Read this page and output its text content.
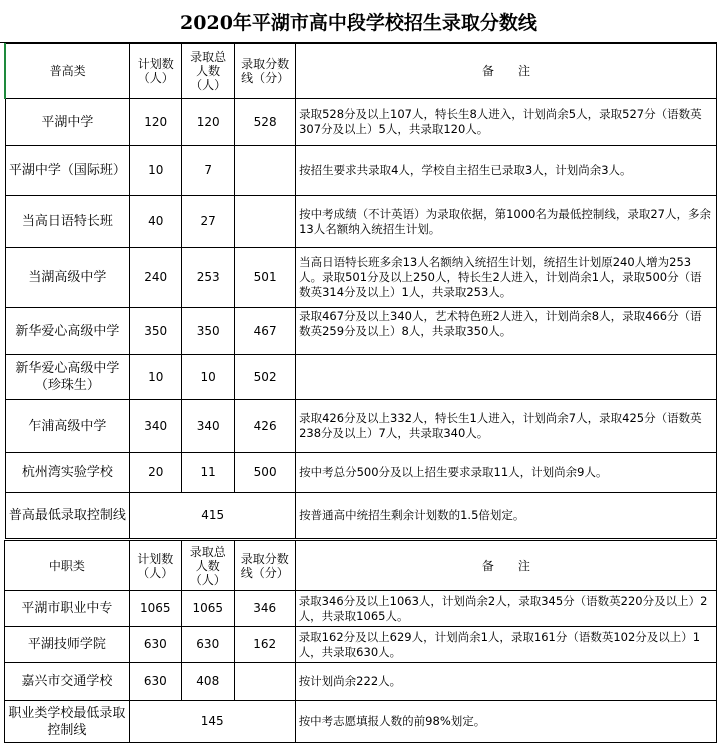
2020年平湖市高中段学校招生录取分数线
普高类	计划数（人）	录取总人数（人）	录取分数线（分）	备　　注
平湖中学	120	120	528	录取528分及以上107人，特长生8人进入，计划尚余5人，录取527分（语数英307分及以上）5人，共录取120人。
平湖中学（国际班）	10	7		按招生要求共录取4人，学校自主招生已录取3人，计划尚余3人。
当高日语特长班	40	27		按中考成绩（不计英语）为录取依据，第1000名为最低控制线，录取27人，多余13人名额纳入统招生计划。
当湖高级中学	240	253	501	当高日语特长班多余13人名额纳入统招生计划，统招生计划原240人增为253人。录取501分及以上250人，特长生2人进入，计划尚余1人，录取500分（语数英314分及以上）1人，共录取253人。
新华爱心高级中学	350	350	467	录取467分及以上340人，艺术特色班2人进入，计划尚余8人，录取466分（语数英259分及以上）8人，共录取350人。
新华爱心高级中学（珍珠生）	10	10	502	
乍浦高级中学	340	340	426	录取426分及以上332人，特长生1人进入，计划尚余7人，录取425分（语数英238分及以上）7人，共录取340人。
杭州湾实验学校	20	11	500	按中考总分500分及以上招生要求录取11人，计划尚余9人。
普高最低录取控制线	415			按普通高中统招生剩余计划数的1.5倍划定。
中职类	计划数（人）	录取总人数（人）	录取分数线（分）	备　　注
平湖市职业中专	1065	1065	346	录取346分及以上1063人，计划尚余2人，录取345分（语数英220分及以上）2人，共录取1065人。
平湖技师学院	630	630	162	录取162分及以上629人，计划尚余1人，录取161分（语数英102分及以上）1人，共录取630人。
嘉兴市交通学校	630	408		按计划尚余222人。
职业类学校最低录取控制线	145			按中考志愿填报人数的前98%划定。
